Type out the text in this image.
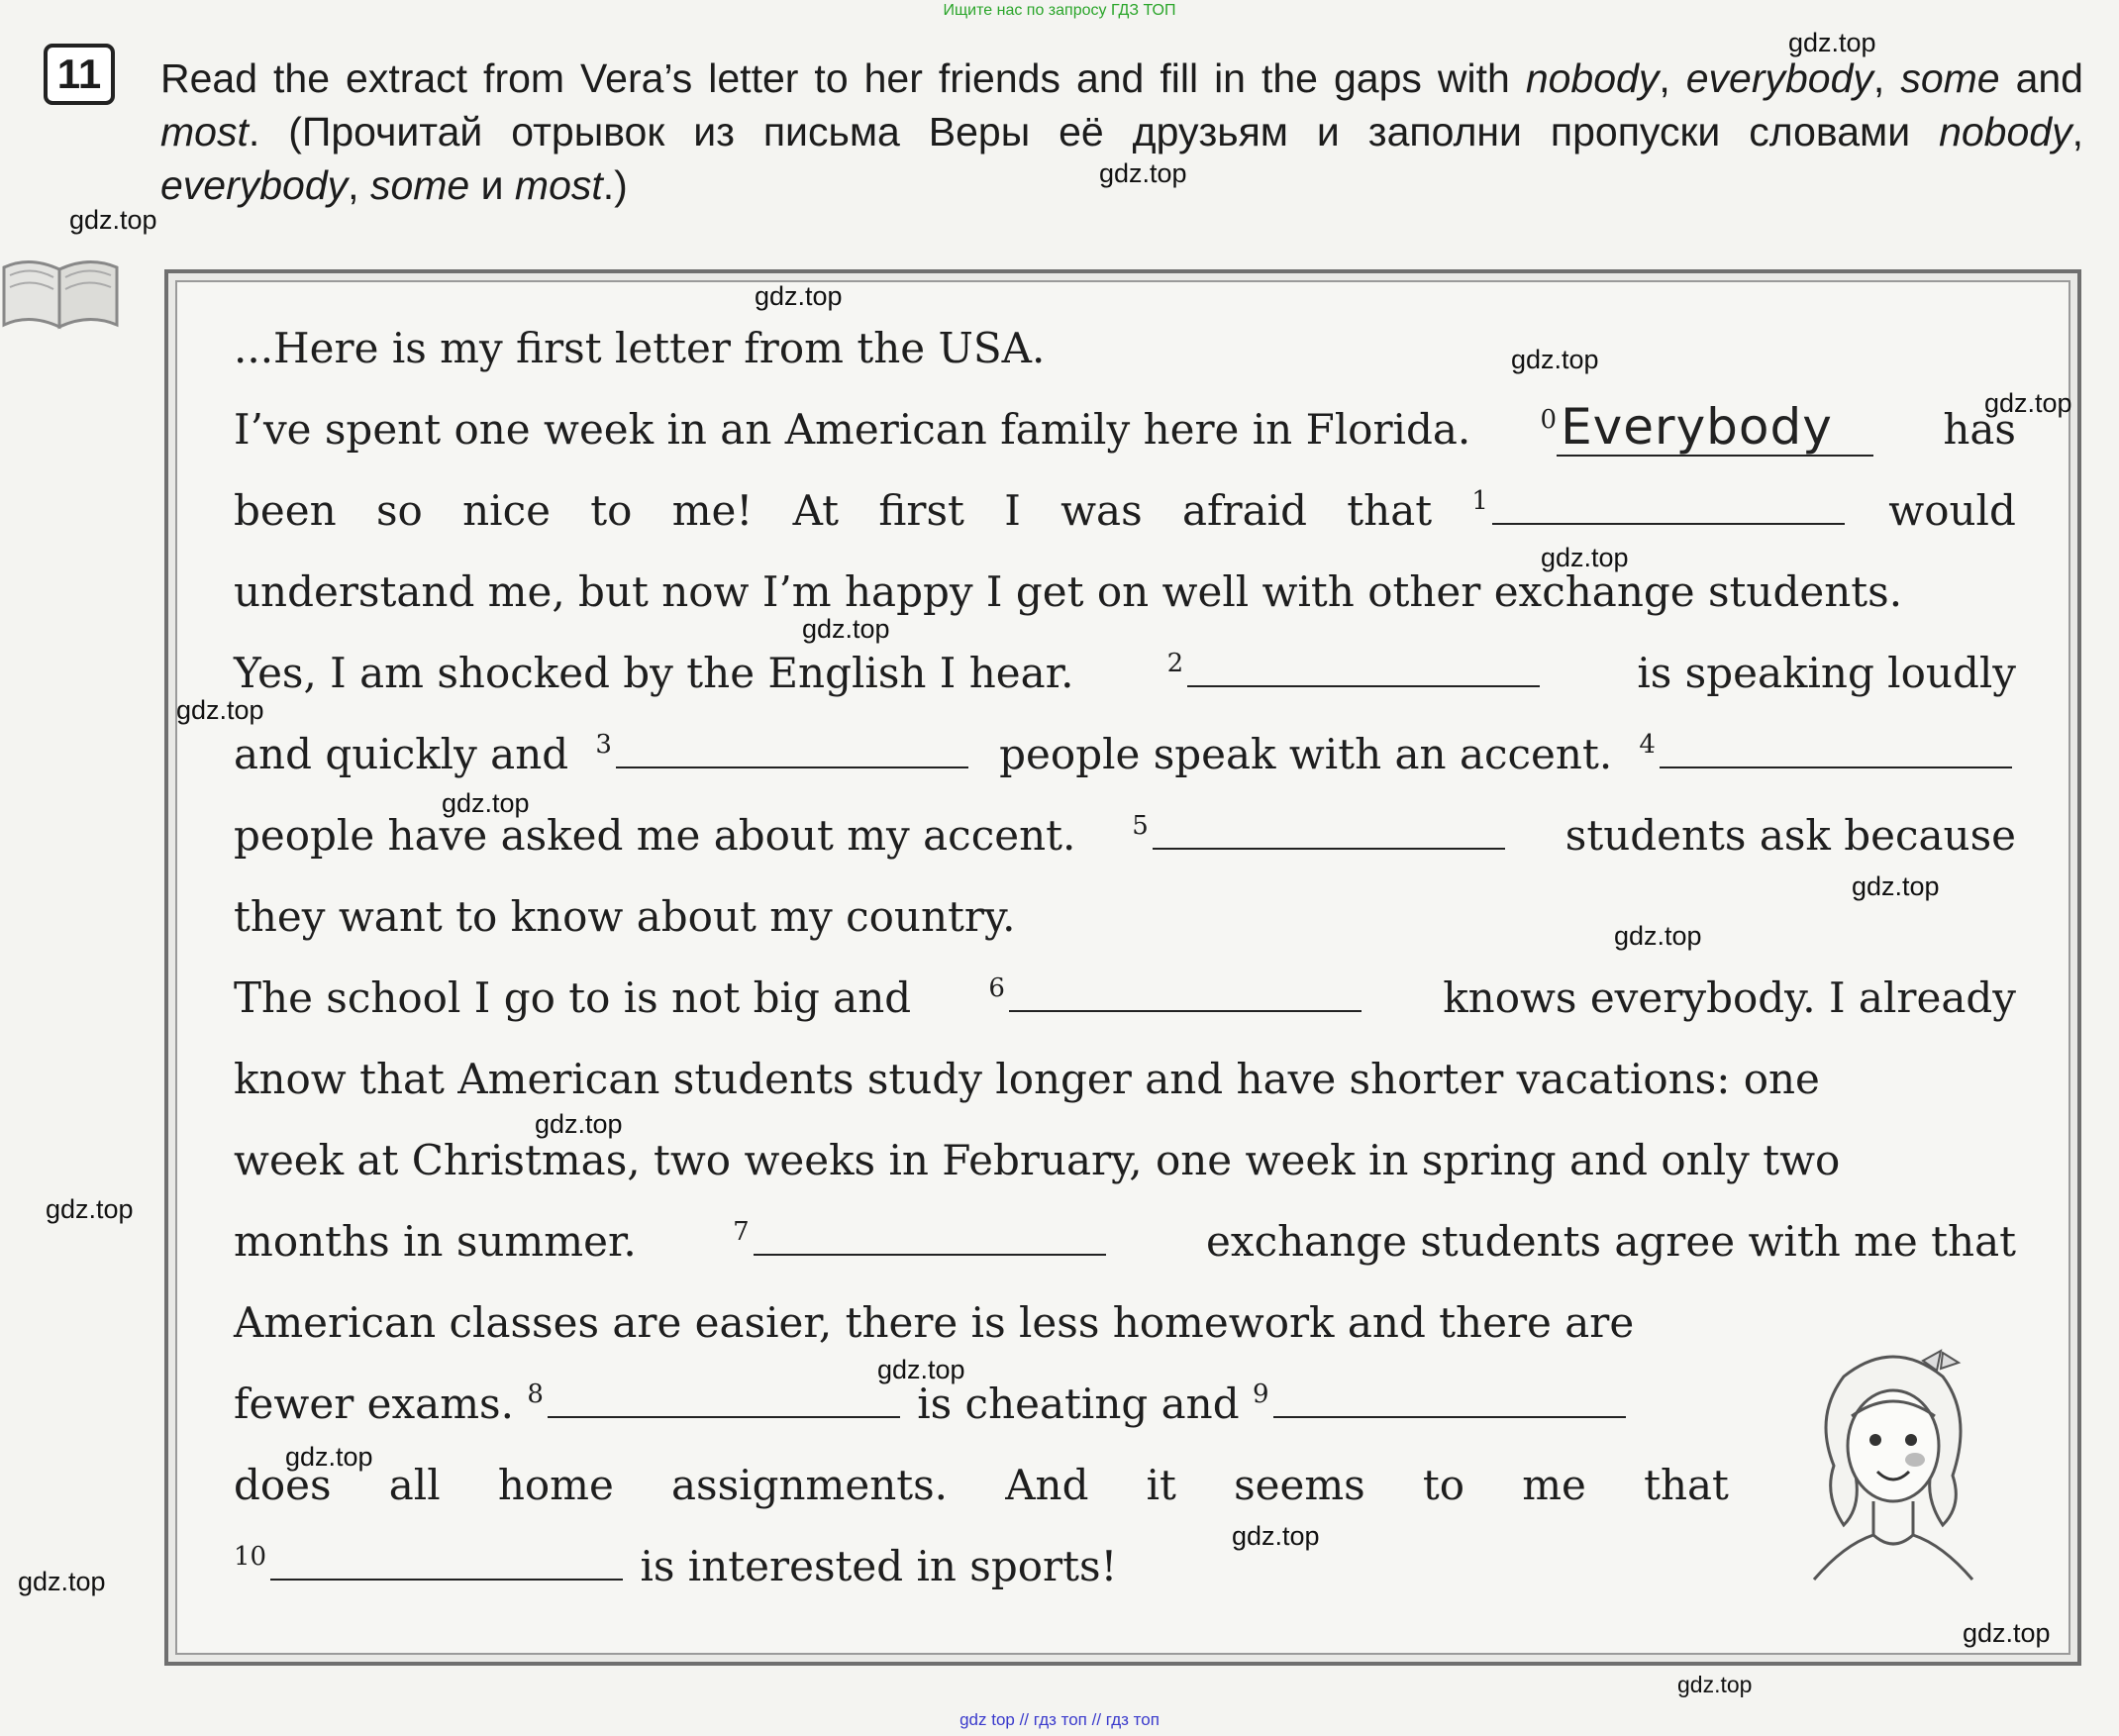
Ищите нас по запросу ГДЗ ТОП
11	Read the extract from Vera’s letter to her friends and fill in the gaps with nobody, everybody, some and most. (Прочитай отрывок из письма Веры её друзьям и заполни пропуски словами nobody, everybody, some и most.)
...Here is my first letter from the USA.
I’ve spent one week in an American family here in Florida.	$^0$Everybody	has
been so nice to me! At first I was afraid that $^1$	would
understand me, but now I’m happy I get on well with other exchange students.
Yes, I am shocked by the English I hear.	$^2$	is speaking loudly
and quickly and $^3$	people speak with an accent. $^4$
people have asked me about my accent. $^5$	students ask because
they want to know about my country.
The school I go to is not big and	$^6$	knows everybody. I already
know that American students study longer and have shorter vacations: one
week at Christmas, two weeks in February, one week in spring and only two
months in summer.	$^7$	exchange students agree with me that
American classes are easier, there is less homework and there are
fewer exams. $^8$	is cheating and $^9$
does all home assignments. And it seems to me that
$^{10}$	is interested in sports!
gdz.top
gdz.top
gdz.top
gdz.top
gdz.top
gdz.top
gdz.top
gdz.top
gdz.top
gdz.top
gdz.top
gdz.top
gdz.top
gdz.top
gdz.top
gdz.top
gdz.top
gdz.top
gdz.top
gdz.top
gdz top // гдз топ // гдз топ
